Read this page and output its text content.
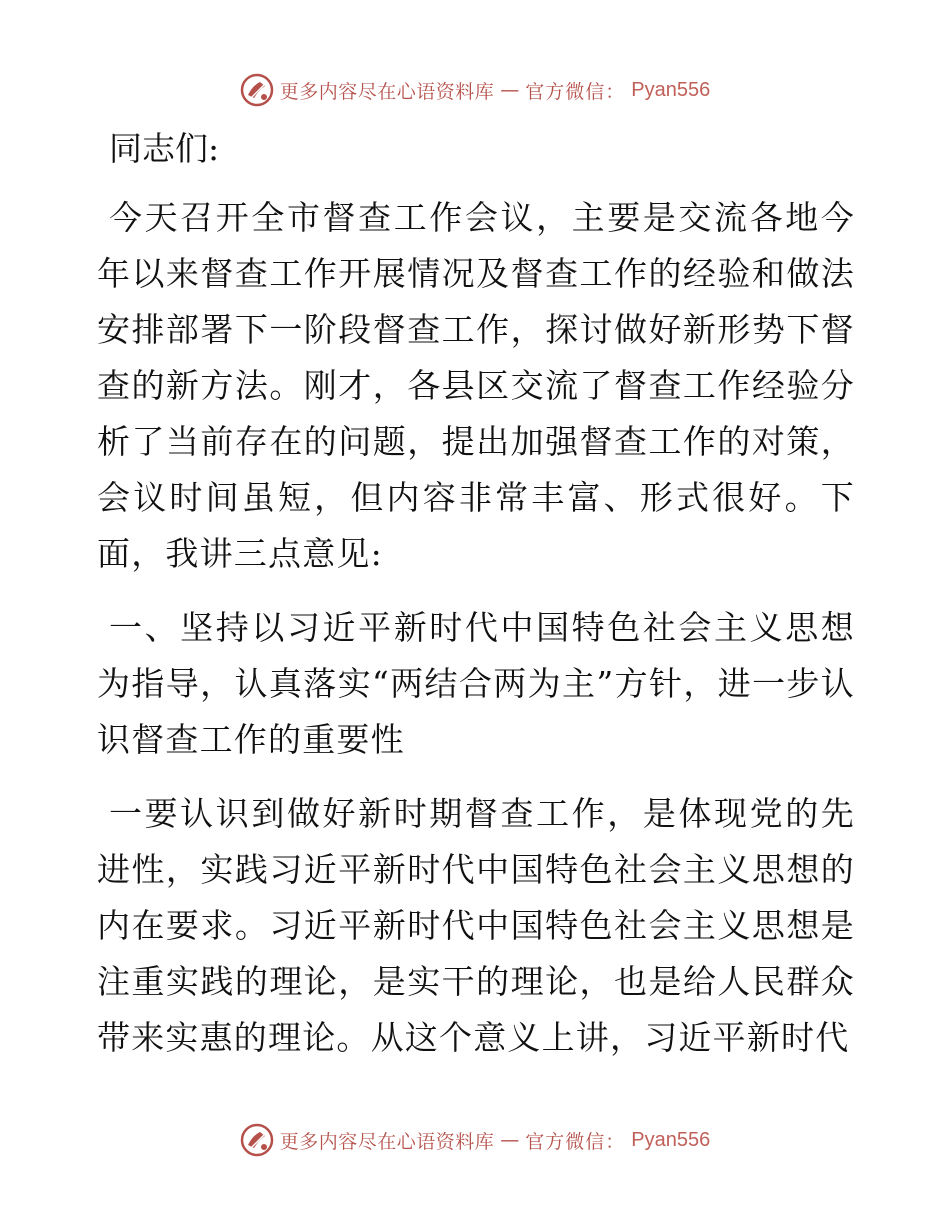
更多内容尽在心语资料库 — 官方微信： Pyan556
同志们:

今天召开全市督查工作会议，主要是交流各地今年以来督查工作开展情况及督查工作的经验和做法安排部署下一阶段督查工作，探讨做好新形势下督查的新方法。刚才，各县区交流了督查工作经验分析了当前存在的问题，提出加强督查工作的对策，会议时间虽短，但内容非常丰富、形式很好。下面，我讲三点意见:

一、坚持以习近平新时代中国特色社会主义思想为指导，认真落实“两结合两为主”方针，进一步认识督查工作的重要性

一要认识到做好新时期督查工作，是体现党的先进性，实践习近平新时代中国特色社会主义思想的内在要求。习近平新时代中国特色社会主义思想是注重实践的理论，是实干的理论，也是给人民群众带来实惠的理论。从这个意义上讲，习近平新时代

更多内容尽在心语资料库 — 官方微信： Pyan556
